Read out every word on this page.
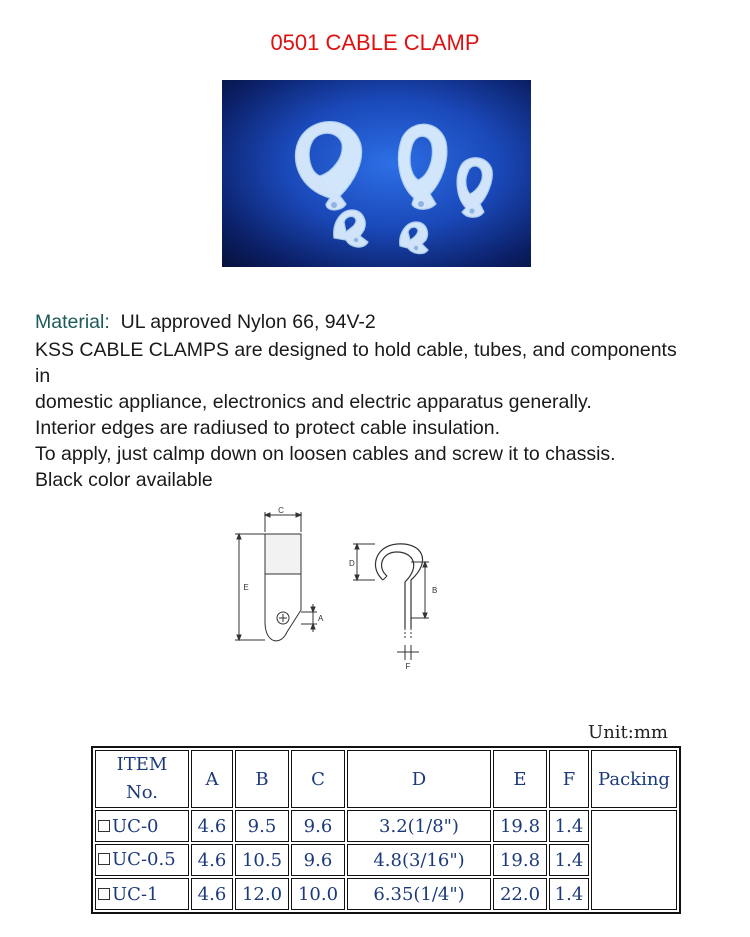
0501 CABLE CLAMP

Material:  UL approved Nylon 66, 94V-2

KSS CABLE CLAMPS are designed to hold cable, tubes, and components in

domestic appliance, electronics and electric apparatus generally.

Interior edges are radiused to protect cable insulation.

To apply, just calmp down on loosen cables and screw it to chassis.

Black color available

C
E
A
D
B
F
Unit:mm
ITEM No.	A	B	C	D	E	F	Packing
UC-0	4.6	9.5	9.6	3.2(1/8")	19.8	1.4	
UC-0.5	4.6	10.5	9.6	4.8(3/16")	19.8	1.4	
UC-1	4.6	12.0	10.0	6.35(1/4")	22.0	1.4	
